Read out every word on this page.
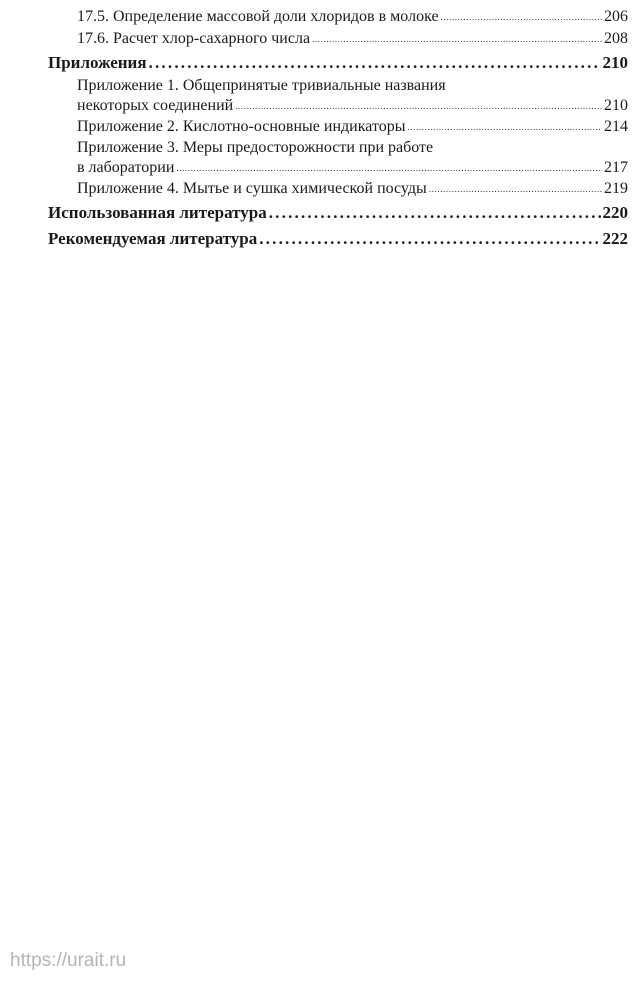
17.5. Определение массовой доли хлоридов в молоке .....	206
17.6. Расчет хлор-сахарного числа .....	208
Приложения .....	210
Приложение 1. Общепринятые тривиальные названия
некоторых соединений .....	210
Приложение 2. Кислотно-основные индикаторы .....	214
Приложение 3. Меры предосторожности при работе
в лаборатории .....	217
Приложение 4. Мытье и сушка химической посуды .....	219
Использованная литература .....	220
Рекомендуемая литература .....	222
https://urait.ru
